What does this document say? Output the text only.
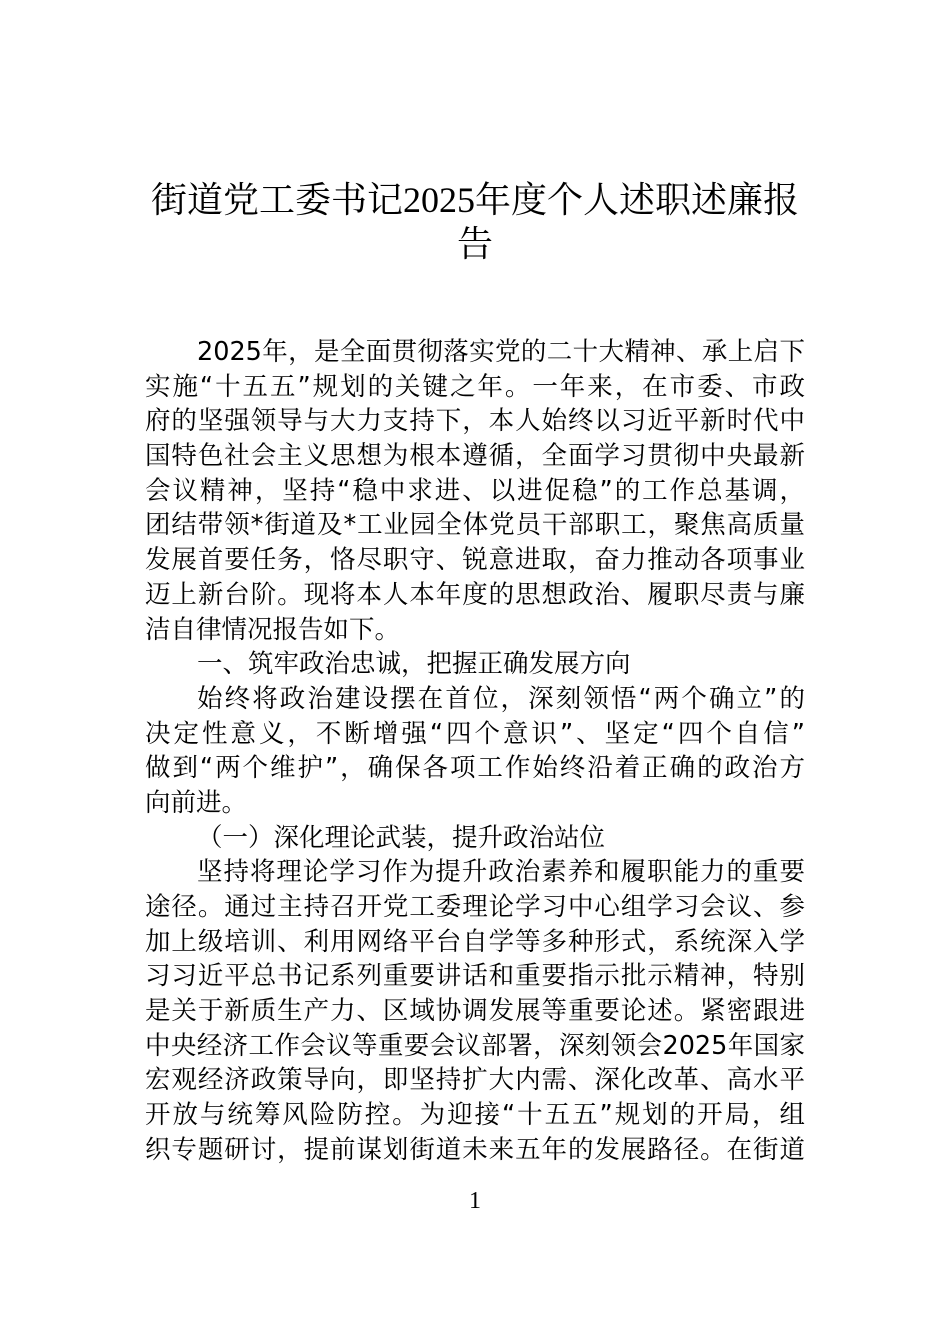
街道党工委书记2025年度个人述职述廉报
告
2025年，是全面贯彻落实党的二十大精神、承上启下
实施“十五五”规划的关键之年。一年来，在市委、市政
府的坚强领导与大力支持下，本人始终以习近平新时代中
国特色社会主义思想为根本遵循，全面学习贯彻中央最新
会议精神，坚持“稳中求进、以进促稳”的工作总基调，
团结带领*街道及*工业园全体党员干部职工，聚焦高质量
发展首要任务，恪尽职守、锐意进取，奋力推动各项事业
迈上新台阶。现将本人本年度的思想政治、履职尽责与廉
洁自律情况报告如下。
一、筑牢政治忠诚，把握正确发展方向
始终将政治建设摆在首位，深刻领悟“两个确立”的
决定性意义，不断增强“四个意识”、坚定“四个自信”
做到“两个维护”，确保各项工作始终沿着正确的政治方
向前进。
（一）深化理论武装，提升政治站位
坚持将理论学习作为提升政治素养和履职能力的重要
途径。通过主持召开党工委理论学习中心组学习会议、参
加上级培训、利用网络平台自学等多种形式，系统深入学
习习近平总书记系列重要讲话和重要指示批示精神，特别
是关于新质生产力、区域协调发展等重要论述。紧密跟进
中央经济工作会议等重要会议部署，深刻领会2025年国家
宏观经济政策导向，即坚持扩大内需、深化改革、高水平
开放与统筹风险防控。为迎接“十五五”规划的开局，组
织专题研讨，提前谋划街道未来五年的发展路径。在街道
1
